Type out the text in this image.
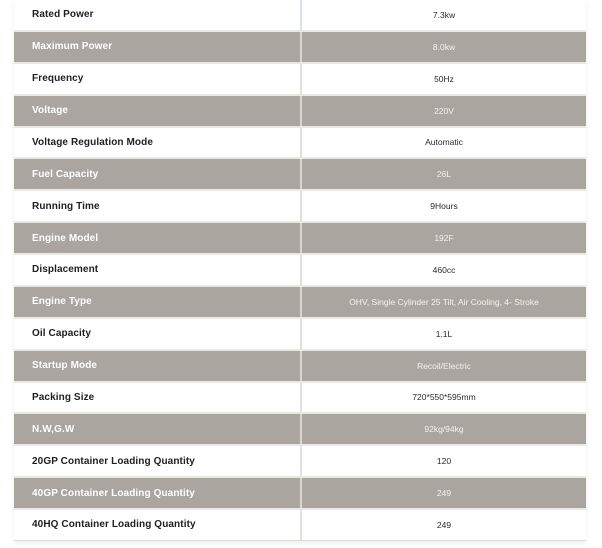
Rated Power	7.3kw
Maximum Power	8.0kw
Frequency	50Hz
Voltage	220V
Voltage Regulation Mode	Automatic
Fuel Capacity	26L
Running Time	9Hours
Engine Model	192F
Displacement	460cc
Engine Type	OHV, Single Cylinder 25 Tilt, Air Cooling, 4- Stroke
Oil Capacity	1.1L
Startup Mode	Recoil/Electric
Packing Size	720*550*595mm
N.W,G.W	92kg/94kg
20GP Container Loading Quantity	120
40GP Container Loading Quantity	249
40HQ Container Loading Quantity	249
